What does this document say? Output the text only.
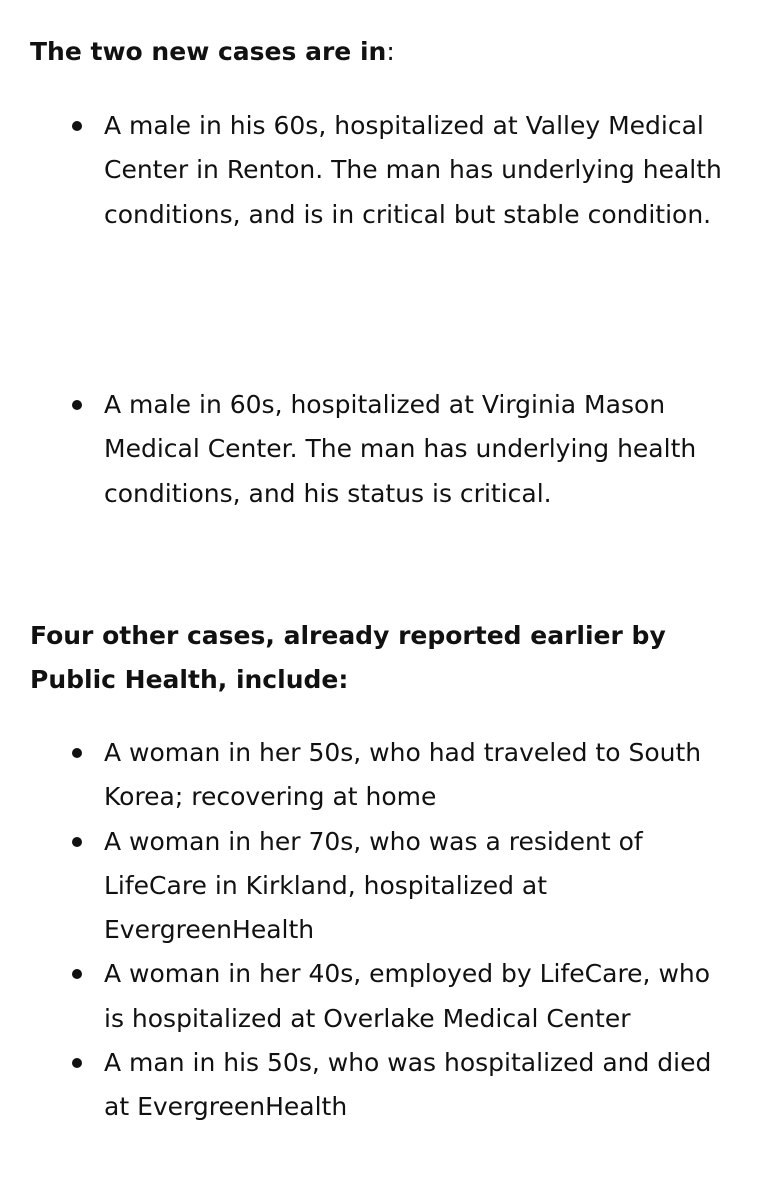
The two new cases are in:

A male in his 60s, hospitalized at Valley Medical Center in Renton. The man has underlying health conditions, and is in critical but stable condition.
A male in 60s, hospitalized at Virginia Mason Medical Center. The man has underlying health conditions, and his status is critical.

Four other cases, already reported earlier by Public Health, include:

A woman in her 50s, who had traveled to South Korea; recovering at home
A woman in her 70s, who was a resident of LifeCare in Kirkland, hospitalized at EvergreenHealth
A woman in her 40s, employed by LifeCare, who is hospitalized at Overlake Medical Center
A man in his 50s, who was hospitalized and died at EvergreenHealth
